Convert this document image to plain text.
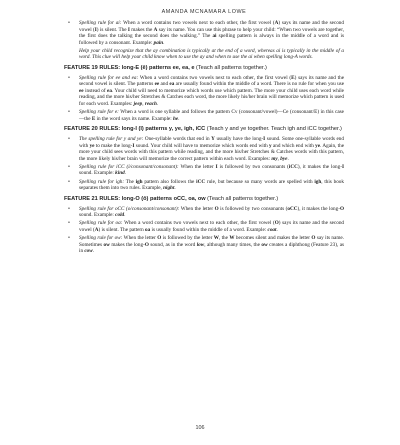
AMANDA MCNAMARA LOWE
• Spelling rule for ai: When a word contains two vowels next to each other, the first vowel (A) says its name and the second vowel (I) is silent. The I makes the A say its name. You can use this phrase to help your child: “When two vowels are together, the first does the talking the second does the walking.” The ai spelling pattern is always in the middle of a word and is followed by a consonant. Example: pain.
Help your child recognize that the ay combination is typically at the end of a word, whereas ai is typically in the middle of a word. This clue will help your child know when to use the ay and when to use the ai when spelling long-A words.
FEATURE 19 RULES: long-E (ē) patterns ee, ea, e (Teach all patterns together.)
• Spelling rule for ee and ea: When a word contains two vowels next to each other, the first vowel (E) says its name and the second vowel is silent. The patterns ee and ea are usually found within the middle of a word. There is no rule for when you use ee instead of ea. Your child will need to memorize which words use which pattern. The more your child uses each word while reading, and the more his/her Stretches & Catches each word, the more likely his/her brain will memorize which pattern is used for each word. Examples: jeep, reach.
• Spelling rule for e: When a word is one syllable and follows the pattern Cv (consonant/vowel)—Ce (consonant/E) in this case—the E in the word says its name. Example: he.
FEATURE 20 RULES: long-I (ī) patterns y, ye, igh, iCC (Teach y and ye together. Teach igh and iCC together.)
• The spelling rule for y and ye: One-syllable words that end in Y usually have the long-I sound. Some one-syllable words end with ye to make the long-I sound. Your child will have to memorize which words end with y and which end with ye. Again, the more your child sees words with this pattern while reading, and the more his/her Stretches & Catches words with this pattern, the more likely his/her brain will memorize the correct pattern within each word. Examples: my, bye.
• Spelling rule for iCC (i/consonant/consonant): When the letter I is followed by two consonants (iCC), it makes the long-I sound. Example: kind.
• Spelling rule for igh: The igh pattern also follows the iCC rule, but because so many words are spelled with igh, this book separates them into two rules. Example, night.
FEATURE 21 RULES: long-O (ō) patterns oCC, oa, ow (Teach all patterns together.)
• Spelling rule for oCC (o/consonant/consonant): When the letter O is followed by two consonants (oCC), it makes the long-O sound. Example: cold.
• Spelling rule for oa: When a word contains two vowels next to each other, the first vowel (O) says its name and the second vowel (A) is silent. The pattern oa is usually found within the middle of a word. Example: coat.
• Spelling rule for ow: When the letter O is followed by the letter W, the W becomes silent and makes the letter O say its name. Sometimes ow makes the long-O sound, as in the word low, although many times, the ow creates a diphthong (Feature 23), as in cow.
106
